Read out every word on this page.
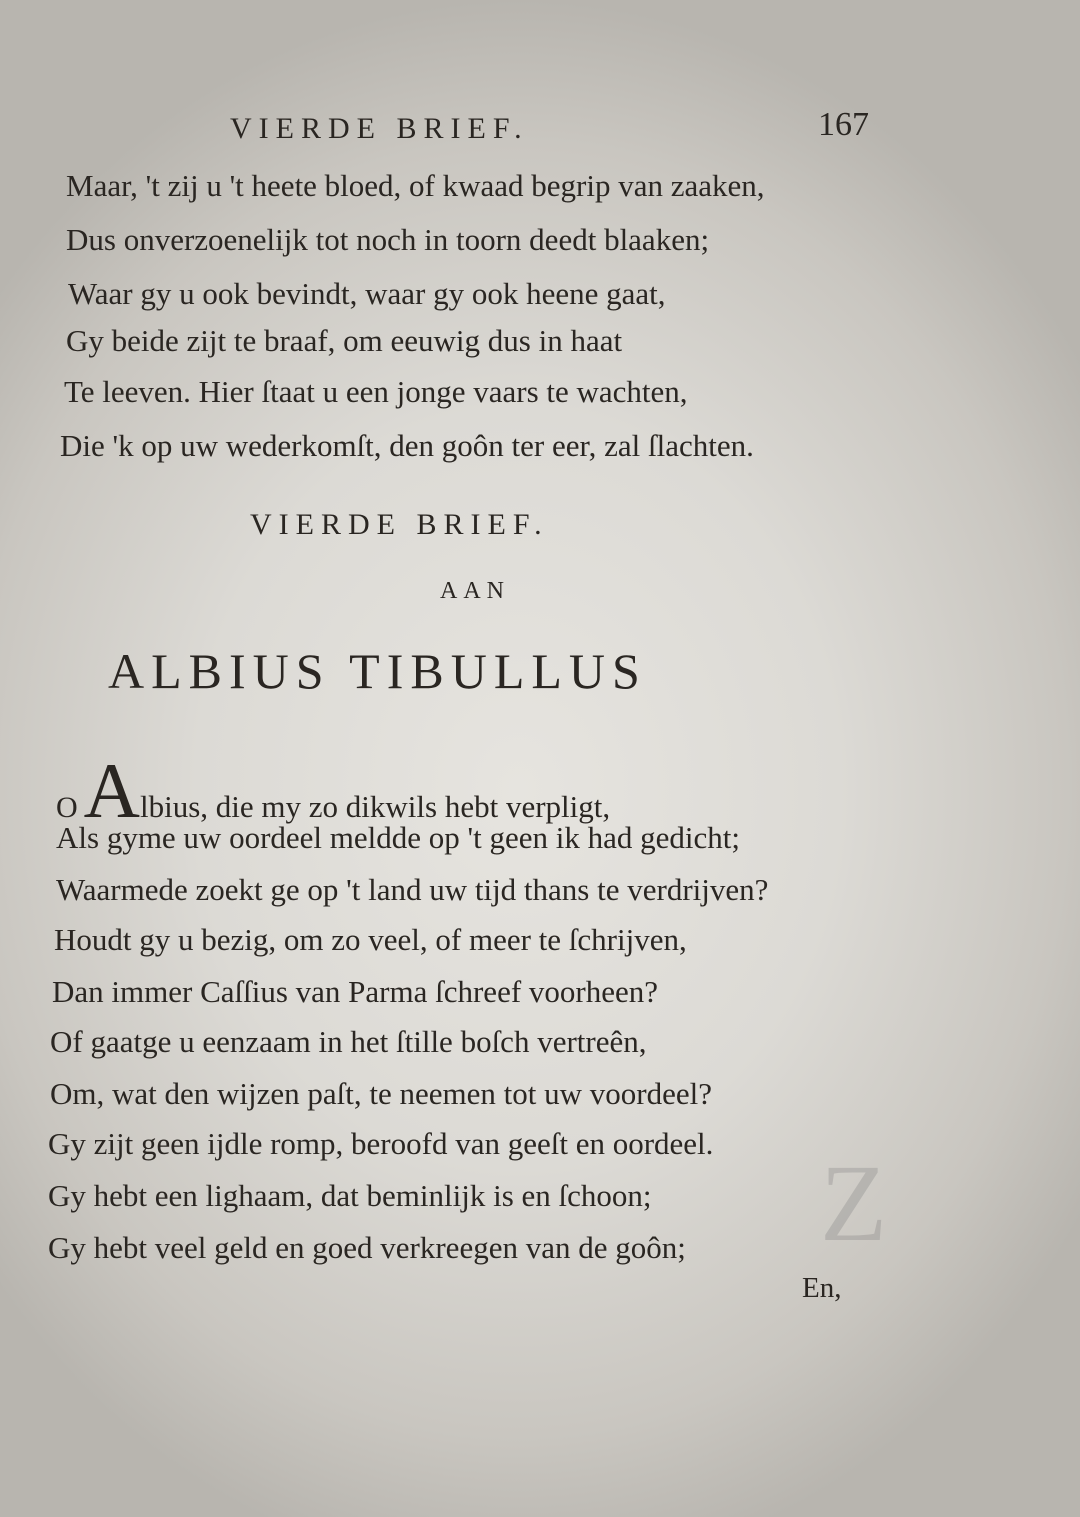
Z
VIERDE BRIEF.	167
Maar, 't zij u 't heete bloed, of kwaad begrip van zaaken,
Dus onverzoenelijk tot noch in toorn deedt blaaken;
Waar gy u ook bevindt, waar gy ook heene gaat,
Gy beide zijt te braaf, om eeuwig dus in haat
Te leeven. Hier ſtaat u een jonge vaars te wachten,
Die 'k op uw wederkomſt, den goôn ter eer, zal ſlachten.
VIERDE BRIEF.
AAN
ALBIUS TIBULLUS
OAlbius, die my zo dikwils hebt verpligt,
Als gyme uw oordeel meldde op 't geen ik had gedicht;
Waarmede zoekt ge op 't land uw tijd thans te verdrijven?
Houdt gy u bezig, om zo veel, of meer te ſchrijven,
Dan immer Caſſius van Parma ſchreef voorheen?
Of gaatge u eenzaam in het ſtille boſch vertreên,
Om, wat den wijzen paſt, te neemen tot uw voordeel?
Gy zijt geen ijdle romp, beroofd van geeſt en oordeel.
Gy hebt een lighaam, dat beminlijk is en ſchoon;
Gy hebt veel geld en goed verkreegen van de goôn;
En,
